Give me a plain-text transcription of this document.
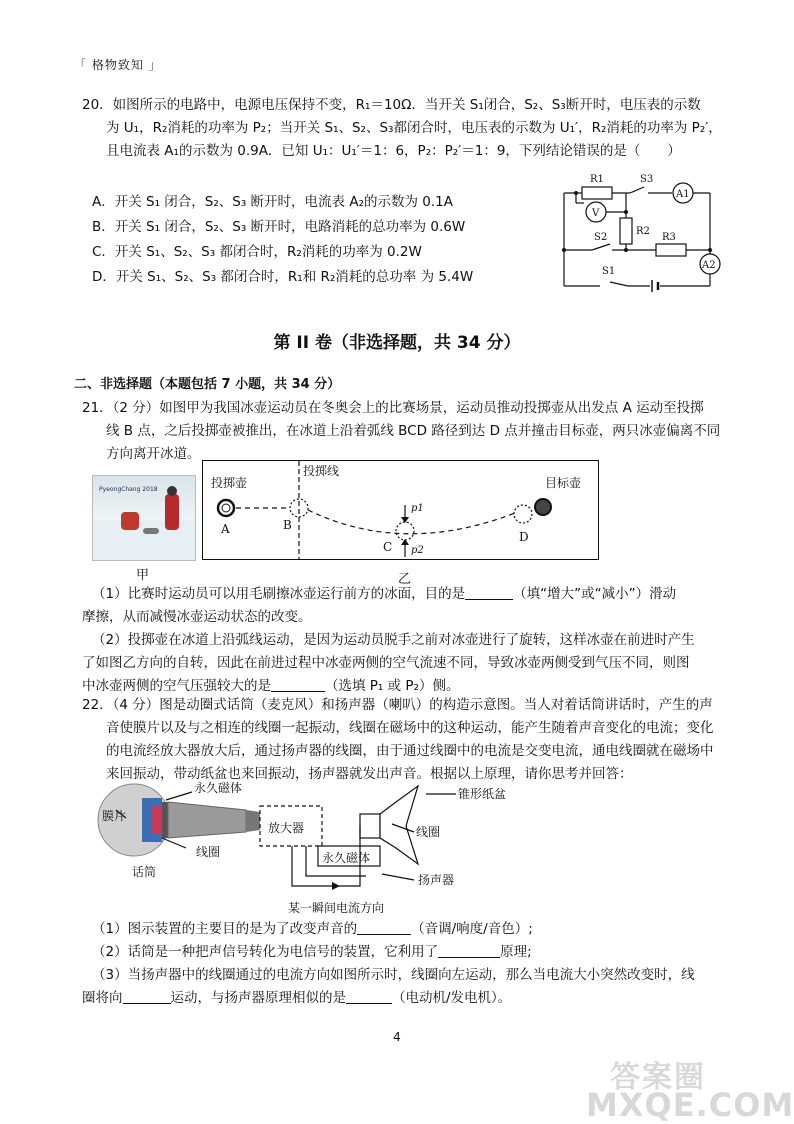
「 格物致知 」
20．如图所示的电路中，电源电压保持不变，R₁＝10Ω．当开关 S₁闭合，S₂、S₃断开时，电压表的示数
为 U₁，R₂消耗的功率为 P₂；当开关 S₁、S₂、S₃都闭合时，电压表的示数为 U₁′，R₂消耗的功率为 P₂′，
且电流表 A₁的示数为 0.9A．已知 U₁：U₁′＝1：6，P₂：P₂′＝1：9，下列结论错误的是（　　）
A．开关 S₁ 闭合，S₂、S₃ 断开时，电流表 A₂的示数为 0.1A
B．开关 S₁ 闭合，S₂、S₃ 断开时，电路消耗的总功率为 0.6W
C．开关 S₁、S₂、S₃ 都闭合时，R₂消耗的功率为 0.2W
D．开关 S₁、S₂、S₃ 都闭合时，R₁和 R₂消耗的总功率 为 5.4W
R1	S3
A1
V
R2
S2	R3
A2
S1
第 II 卷（非选择题，共 34 分）
二、非选择题（本题包括 7 小题，共 34 分）
21．（2 分）如图甲为我国冰壶运动员在冬奥会上的比赛场景，运动员推动投掷壶从出发点 A 运动至投掷
线 B 点，之后投掷壶被推出，在冰道上沿着弧线 BCD 路径到达 D 点并撞击目标壶，两只冰壶偏离不同
方向离开冰道。
PyeongChang 2018	投掷壶
投掷线
目标壶
A	B
C
D
p1
p2
甲	乙
（1）比赛时运动员可以用毛刷擦冰壶运行前方的冰面，目的是	（填“增大”或“减小”）滑动
摩擦，从而减慢冰壶运动状态的改变。
（2）投掷壶在冰道上沿弧线运动，是因为运动员脱手之前对冰壶进行了旋转，这样冰壶在前进时产生
了如图乙方向的自转，因此在前进过程中冰壶两侧的空气流速不同，导致冰壶两侧受到气压不同，则图
中冰壶两侧的空气压强较大的是	（选填 P₁ 或 P₂）侧。
22．（4 分）图是动圈式话筒（麦克风）和扬声器（喇叭）的构造示意图。当人对着话筒讲话时，产生的声
音使膜片以及与之相连的线圈一起振动，线圈在磁场中的这种运动，能产生随着声音变化的电流；变化
的电流经放大器放大后，通过扬声器的线圈，由于通过线圈中的电流是交变电流，通电线圈就在磁场中
来回振动，带动纸盆也来回振动，扬声器就发出声音。根据以上原理，请你思考并回答：
膜片
永久磁体
线圈
话筒
放大器
永久磁体
锥形纸盆
线圈
扬声器
某一瞬间电流方向
（1）图示装置的主要目的是为了改变声音的	（音调/响度/音色）;
（2）话筒是一种把声信号转化为电信号的装置，它利用了	原理;
（3）当扬声器中的线圈通过的电流方向如图所示时，线圈向左运动，那么当电流大小突然改变时，线
圈将向	运动，与扬声器原理相似的是	（电动机/发电机）。
4
答案圈
MXQE.COM
